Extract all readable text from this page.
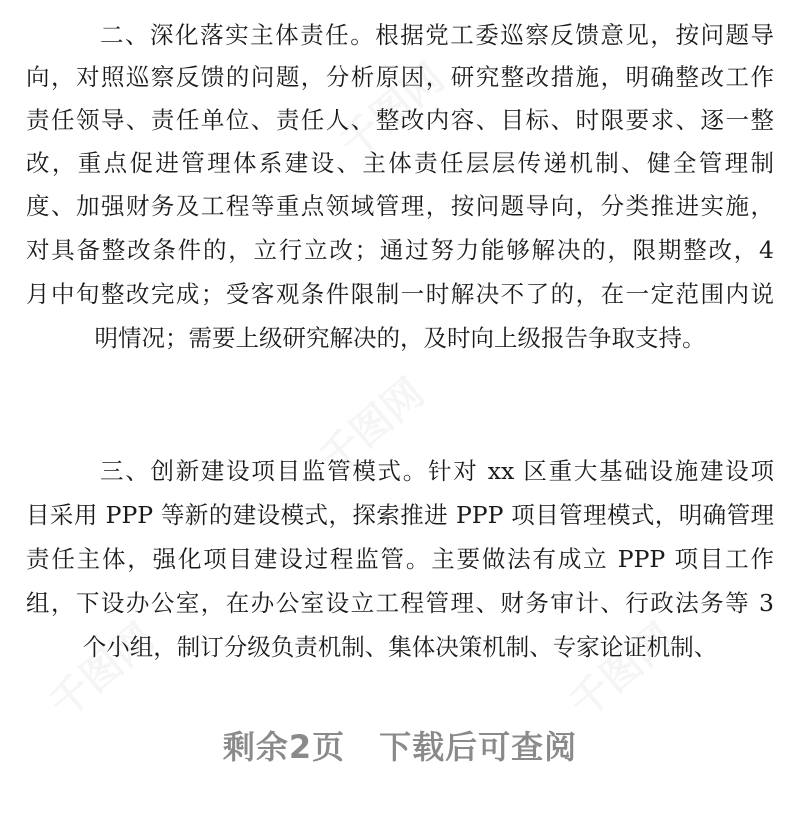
千图网
千图网
千图网	千图网
二、深化落实主体责任。根据党工委巡察反馈意见，按问题导
向，对照巡察反馈的问题，分析原因，研究整改措施，明确整改工作
责任领导、责任单位、责任人、整改内容、目标、时限要求、逐一整
改，重点促进管理体系建设、主体责任层层传递机制、健全管理制
度、加强财务及工程等重点领域管理，按问题导向，分类推进实施，
对具备整改条件的，立行立改；通过努力能够解决的，限期整改，4
月中旬整改完成；受客观条件限制一时解决不了的，在一定范围内说
明情况；需要上级研究解决的，及时向上级报告争取支持。
三、创新建设项目监管模式。针对 xx 区重大基础设施建设项
目采用 PPP 等新的建设模式，探索推进 PPP 项目管理模式，明确管理
责任主体，强化项目建设过程监管。主要做法有成立 PPP 项目工作
组，下设办公室，在办公室设立工程管理、财务审计、行政法务等 3
个小组，制订分级负责机制、集体决策机制、专家论证机制、
剩余2页 下载后可查阅
